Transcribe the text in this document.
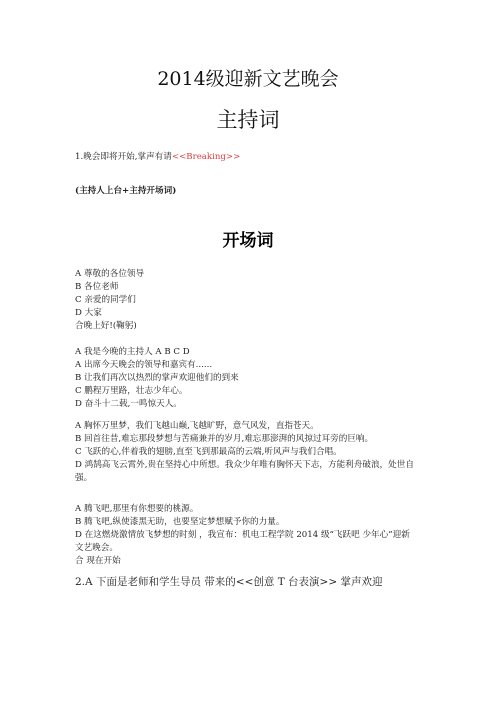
2014级迎新文艺晚会
主持词
1.晚会即将开始,掌声有请<<Breaking>>
(主持人上台+主持开场词)
开场词
A 尊敬的各位领导
B 各位老师
C 亲爱的同学们
D 大家
合晚上好!(鞠躬)
A 我是今晚的主持人 A B C D
A 出席今天晚会的领导和嘉宾有......
B 让我们再次以热烈的掌声欢迎他们的到来
C 鹏程万里路，壮志少年心。
D 奋斗十二载,一鸣惊天人。
A 胸怀万里梦，我们飞越山巅,飞越旷野，意气风发，直指苍天。
B 回首往昔,难忘那段梦想与苦痛兼并的岁月,难忘那澎湃的风掠过耳旁的巨响。
C 飞跃的心,伴着我的翅膀,直至飞到那最高的云端,听风声与我们合唱。
D 鸿鹄高飞云霄外,贵在坚持心中所想。我众少年唯有胸怀天下志，方能利舟破浪，处世自强。
A 腾飞吧,那里有你想要的桃源。
B 腾飞吧,纵使漆黑无助，也要坚定梦想赋予你的力量。
D 在这燃烧激情放飞梦想的时刻 ，我宣布：机电工程学院 2014 级“飞跃吧 少年心”迎新文艺晚会。
合 现在开始
2.A 下面是老师和学生导员 带来的<<创意 T 台表演>> 掌声欢迎
